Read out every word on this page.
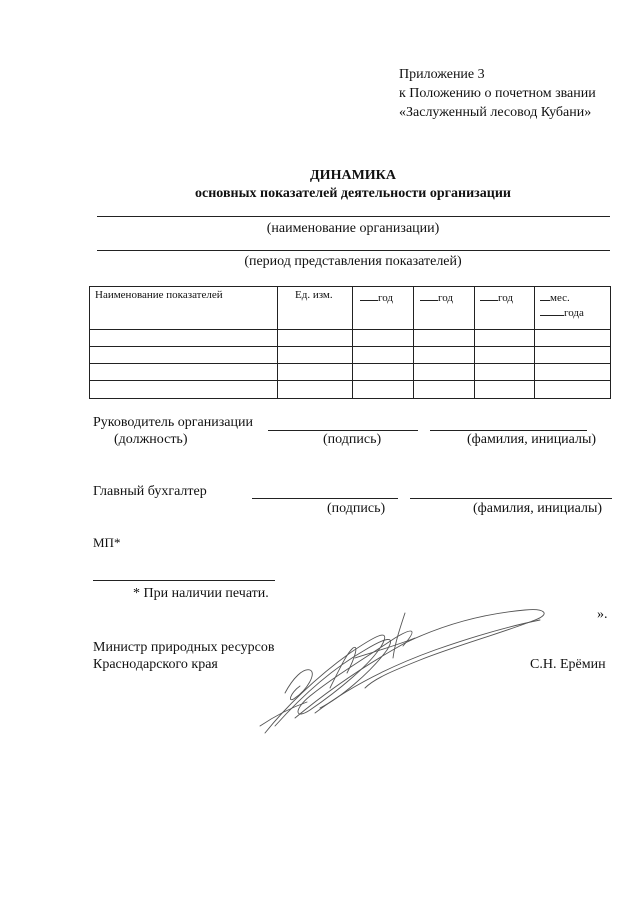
Приложение 3
к Положению о почетном звании
«Заслуженный лесовод Кубани»
ДИНАМИКА
основных показателей деятельности организации
(наименование организации)
(период представления показателей)
Наименование показателей	Ед. изм.	год	год	год	мес.
года
Руководитель организации
(должность)	(подпись)	(фамилия, инициалы)
Главный бухгалтер
(подпись)	(фамилия, инициалы)
МП*
* При наличии печати.
».
Министр природных ресурсов
Краснодарского края	С.Н. Ерёмин
